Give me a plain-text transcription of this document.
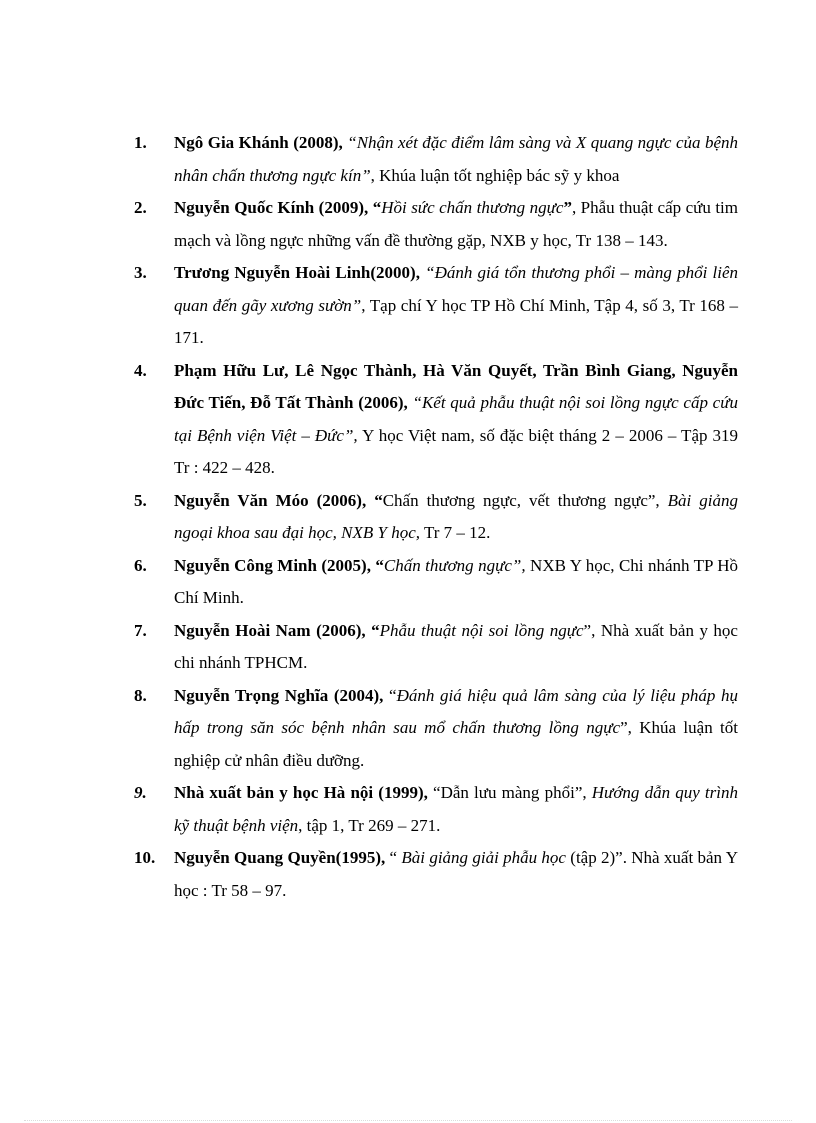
1. Ngô Gia Khánh (2008), “Nhận xét đặc điểm lâm sàng và X quang ngực của bệnh nhân chấn thương ngực kín”, Khúa luận tốt nghiệp bác sỹ y khoa
2. Nguyễn Quốc Kính (2009), “Hồi sức chấn thương ngực”, Phẫu thuật cấp cứu tim mạch và lồng ngực những vấn đề thường gặp, NXB y học, Tr 138 – 143.
3. Trương Nguyễn Hoài Linh(2000), “Đánh giá tổn thương phổi – màng phổi liên quan đến gãy xương sườn”, Tạp chí Y học TP Hồ Chí Minh, Tập 4, số 3, Tr 168 – 171.
4. Phạm Hữu Lư, Lê Ngọc Thành, Hà Văn Quyết, Trần Bình Giang, Nguyễn Đức Tiến, Đỗ Tất Thành (2006), “Kết quả phẫu thuật nội soi lồng ngực cấp cứu tại Bệnh viện Việt – Đức”, Y học Việt nam, số đặc biệt tháng 2 – 2006 – Tập 319 Tr : 422 – 428.
5. Nguyễn Văn Móo (2006), “Chấn thương ngực, vết thương ngực”, Bài giảng ngoại khoa sau đại học, NXB Y học, Tr 7 – 12.
6. Nguyễn Công Minh (2005), “Chấn thương ngực”, NXB Y học, Chi nhánh TP Hồ Chí Minh.
7. Nguyễn Hoài Nam (2006), “Phẫu thuật nội soi lồng ngực”, Nhà xuất bản y học chi nhánh TPHCM.
8. Nguyễn Trọng Nghĩa (2004), “Đánh giá hiệu quả lâm sàng của lý liệu pháp hụ hấp trong săn sóc bệnh nhân sau mổ chấn thương lồng ngực”, Khúa luận tốt nghiệp cử nhân điều dưỡng.
9. Nhà xuất bản y học Hà nội (1999), “Dẫn lưu màng phổi”, Hướng dẫn quy trình kỹ thuật bệnh viện, tập 1, Tr 269 – 271.
10. Nguyễn Quang Quyền(1995), “ Bài giảng giải phẫu học (tập 2)”. Nhà xuất bản Y học : Tr 58 – 97.
